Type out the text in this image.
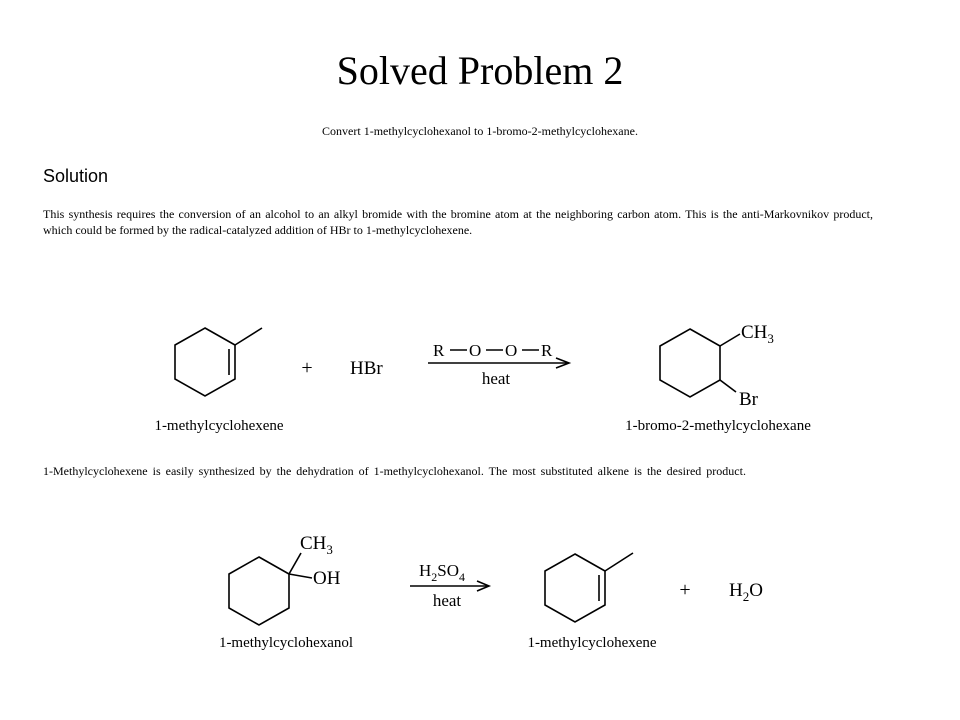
Solved Problem 2
Convert 1-methylcyclohexanol to 1-bromo-2-methylcyclohexane.
Solution
This synthesis requires the conversion of an alcohol to an alkyl bromide with the bromine atom at the neighboring carbon atom. This is the anti-Markovnikov product, which could be formed by the radical-catalyzed addition of HBr to 1-methylcyclohexene.
1-Methylcyclohexene is easily synthesized by the dehydration of 1-methylcyclohexanol. The most substituted alkene is the desired product.
1-methylcyclohexene
+ HBr
R O O R
heat
$CH_3$
Br
1-bromo-2-methylcyclohexane
$CH_3$
OH
1-methylcyclohexanol
$H_2SO_4$
heat
1-methylcyclohexene
+ $H_2O$
